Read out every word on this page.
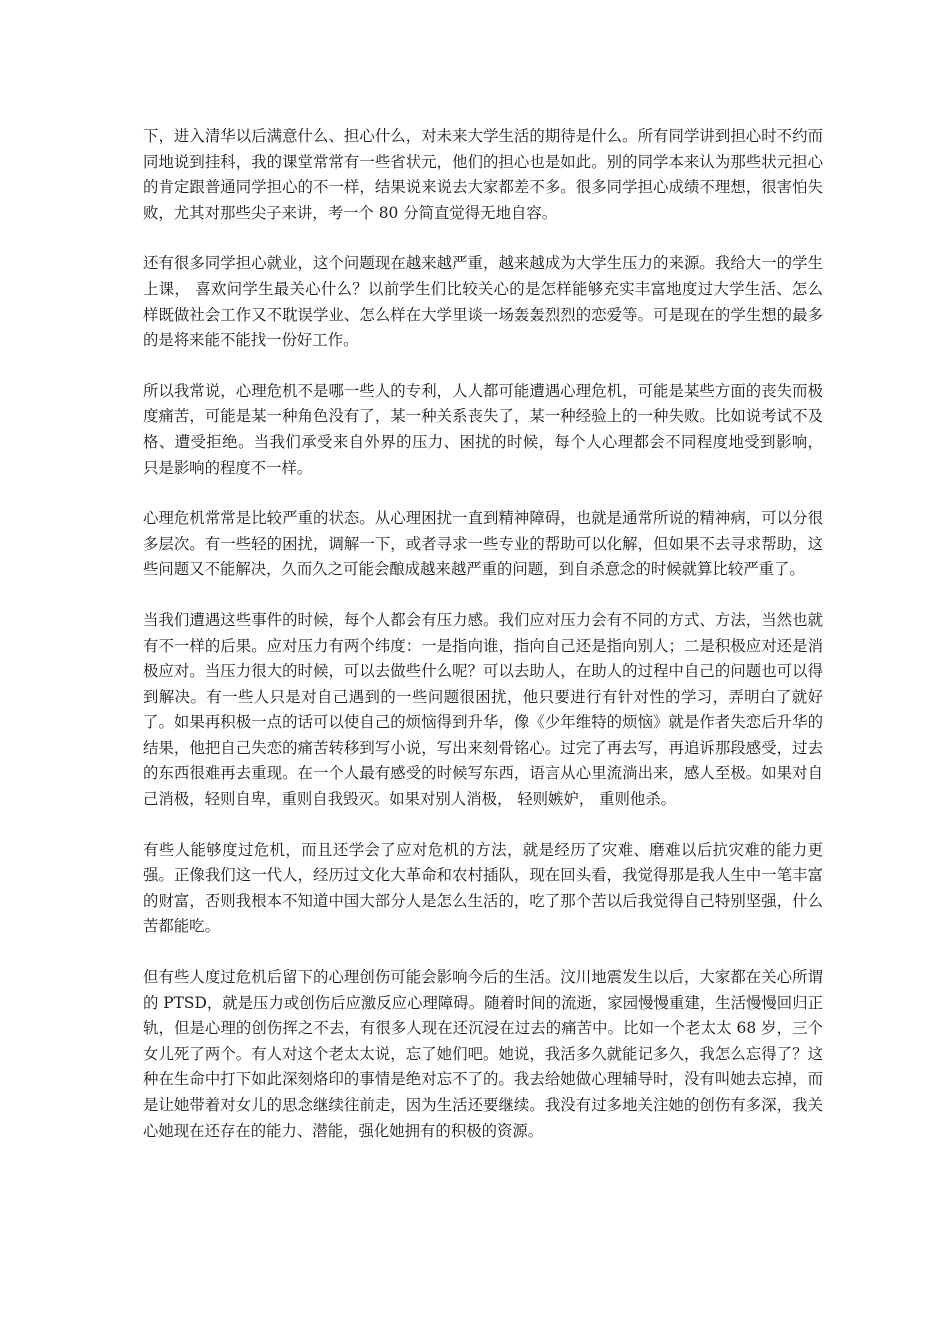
下，进入清华以后满意什么、担心什么，对未来大学生活的期待是什么。所有同学讲到担心时不约而同地说到挂科，我的课堂常常有一些省状元，他们的担心也是如此。别的同学本来认为那些状元担心的肯定跟普通同学担心的不一样，结果说来说去大家都差不多。很多同学担心成绩不理想，很害怕失败，尤其对那些尖子来讲，考一个 80 分简直觉得无地自容。

还有很多同学担心就业，这个问题现在越来越严重，越来越成为大学生压力的来源。我给大一的学生上课， 喜欢问学生最关心什么？以前学生们比较关心的是怎样能够充实丰富地度过大学生活、怎么样既做社会工作又不耽误学业、怎么样在大学里谈一场轰轰烈烈的恋爱等。可是现在的学生想的最多的是将来能不能找一份好工作。

所以我常说，心理危机不是哪一些人的专利，人人都可能遭遇心理危机，可能是某些方面的丧失而极度痛苦，可能是某一种角色没有了，某一种关系丧失了，某一种经验上的一种失败。比如说考试不及格、遭受拒绝。当我们承受来自外界的压力、困扰的时候，每个人心理都会不同程度地受到影响， 只是影响的程度不一样。

心理危机常常是比较严重的状态。从心理困扰一直到精神障碍，也就是通常所说的精神病，可以分很多层次。有一些轻的困扰，调解一下，或者寻求一些专业的帮助可以化解，但如果不去寻求帮助，这些问题又不能解决，久而久之可能会酿成越来越严重的问题，到自杀意念的时候就算比较严重了。

当我们遭遇这些事件的时候，每个人都会有压力感。我们应对压力会有不同的方式、方法，当然也就有不一样的后果。应对压力有两个纬度：一是指向谁，指向自己还是指向别人；二是积极应对还是消极应对。当压力很大的时候，可以去做些什么呢？可以去助人，在助人的过程中自己的问题也可以得到解决。有一些人只是对自己遇到的一些问题很困扰，他只要进行有针对性的学习，弄明白了就好了。如果再积极一点的话可以使自己的烦恼得到升华，像《少年维特的烦恼》就是作者失恋后升华的结果，他把自己失恋的痛苦转移到写小说，写出来刻骨铭心。过完了再去写，再追诉那段感受，过去的东西很难再去重现。在一个人最有感受的时候写东西，语言从心里流淌出来，感人至极。如果对自己消极，轻则自卑，重则自我毁灭。如果对别人消极， 轻则嫉妒， 重则他杀。

有些人能够度过危机，而且还学会了应对危机的方法，就是经历了灾难、磨难以后抗灾难的能力更强。正像我们这一代人，经历过文化大革命和农村插队，现在回头看，我觉得那是我人生中一笔丰富的财富，否则我根本不知道中国大部分人是怎么生活的，吃了那个苦以后我觉得自己特别坚强，什么苦都能吃。

但有些人度过危机后留下的心理创伤可能会影响今后的生活。汶川地震发生以后，大家都在关心所谓的 PTSD，就是压力或创伤后应激反应心理障碍。随着时间的流逝，家园慢慢重建，生活慢慢回归正轨，但是心理的创伤挥之不去，有很多人现在还沉浸在过去的痛苦中。比如一个老太太 68 岁，三个女儿死了两个。有人对这个老太太说，忘了她们吧。她说，我活多久就能记多久，我怎么忘得了？这种在生命中打下如此深刻烙印的事情是绝对忘不了的。我去给她做心理辅导时，没有叫她去忘掉，而是让她带着对女儿的思念继续往前走，因为生活还要继续。我没有过多地关注她的创伤有多深，我关心她现在还存在的能力、潜能，强化她拥有的积极的资源。
